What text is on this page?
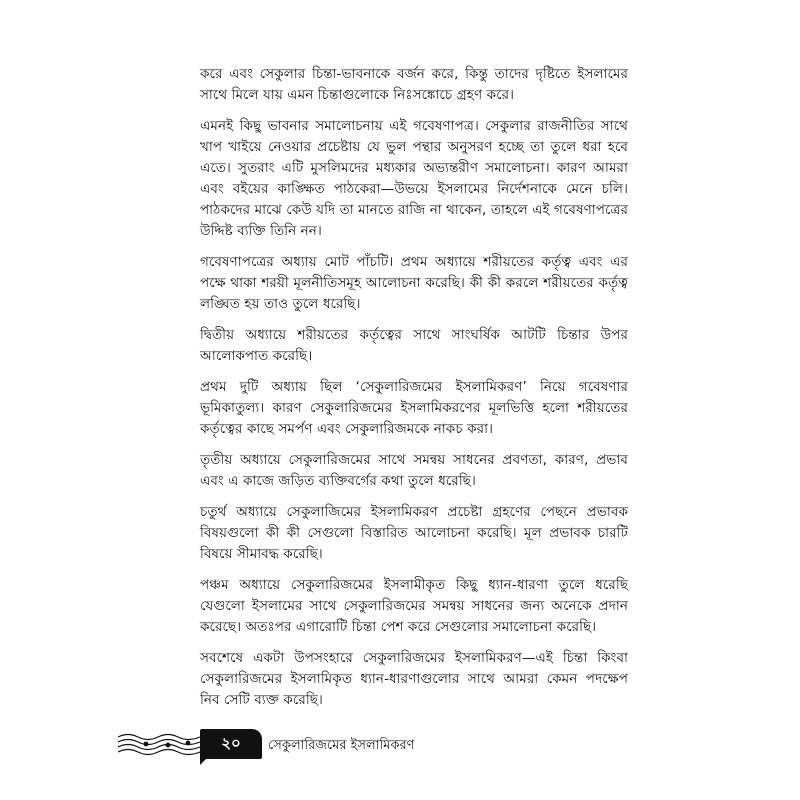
করে এবং সেকুলার চিন্তা-ভাবনাকে বর্জন করে, কিন্তু তাদের দৃষ্টিতে ইসলামের সাথে মিলে যায় এমন চিন্তাগুলোকে নিঃসঙ্কোচে গ্রহণ করে।

এমনই কিছু ভাবনার সমালোচনায় এই গবেষণাপত্র। সেকুলার রাজনীতির সাথে খাপ খাইয়ে নেওয়ার প্রচেষ্টায় যে ভুল পন্থার অনুসরণ হচ্ছে তা তুলে ধরা হবে এতে। সুতরাং এটি মুসলিমদের মধ্যকার অভ্যন্তরীণ সমালোচনা। কারণ আমরা এবং বইয়ের কাঙ্ক্ষিত পাঠকেরা—উভয়ে ইসলামের নির্দেশনাকে মেনে চলি। পাঠকদের মাঝে কেউ যদি তা মানতে রাজি না থাকেন, তাহলে এই গবেষণাপত্রের উদ্দিষ্ট ব্যক্তি তিনি নন।

গবেষণাপত্রের অধ্যায় মোট পাঁচটি। প্রথম অধ্যায়ে শরীয়তের কর্তৃত্ব এবং এর পক্ষে থাকা শরয়ী মূলনীতিসমূহ আলোচনা করেছি। কী কী করলে শরীয়তের কর্তৃত্ব লঙ্ঘিত হয় তাও তুলে ধরেছি।

দ্বিতীয় অধ্যায়ে শরীয়তের কর্তৃত্বের সাথে সাংঘর্ষিক আটটি চিন্তার উপর আলোকপাত করেছি।

প্রথম দুটি অধ্যায় ছিল ‘সেকুলারিজমের ইসলামিকরণ’ নিয়ে গবেষণার ভূমিকাতুল্য। কারণ সেকুলারিজমের ইসলামিকরণের মূলভিত্তি হলো শরীয়তের কর্তৃত্বের কাছে সমর্পণ এবং সেকুলারিজমকে নাকচ করা।

তৃতীয় অধ্যায়ে সেকুলারিজমের সাথে সমন্বয় সাধনের প্রবণতা, কারণ, প্রভাব এবং এ কাজে জড়িত ব্যক্তিবর্গের কথা তুলে ধরেছি।

চতুর্থ অধ্যায়ে সেকুলাজিমের ইসলামিকরণ প্রচেষ্টা গ্রহণের পেছনে প্রভাবক বিষয়গুলো কী কী সেগুলো বিস্তারিত আলোচনা করেছি। মূল প্রভাবক চারটি বিষয়ে সীমাবদ্ধ করেছি।

পঞ্চম অধ্যায়ে সেকুলারিজমের ইসলামীকৃত কিছু ধ্যান-ধারণা তুলে ধরেছি যেগুলো ইসলামের সাথে সেকুলারিজমের সমন্বয় সাধনের জন্য অনেকে প্রদান করেছে। অতঃপর এগারোটি চিন্তা পেশ করে সেগুলোর সমালোচনা করেছি।

সবশেষে একটা উপসংহারে সেকুলারিজমের ইসলামিকরণ—এই চিন্তা কিংবা সেকুলারিজমের ইসলামিকৃত ধ্যান-ধারণাগুলোর সাথে আমরা কেমন পদক্ষেপ নিব সেটি ব্যক্ত করেছি।

২০	সেকুলারিজমের ইসলামিকরণ
